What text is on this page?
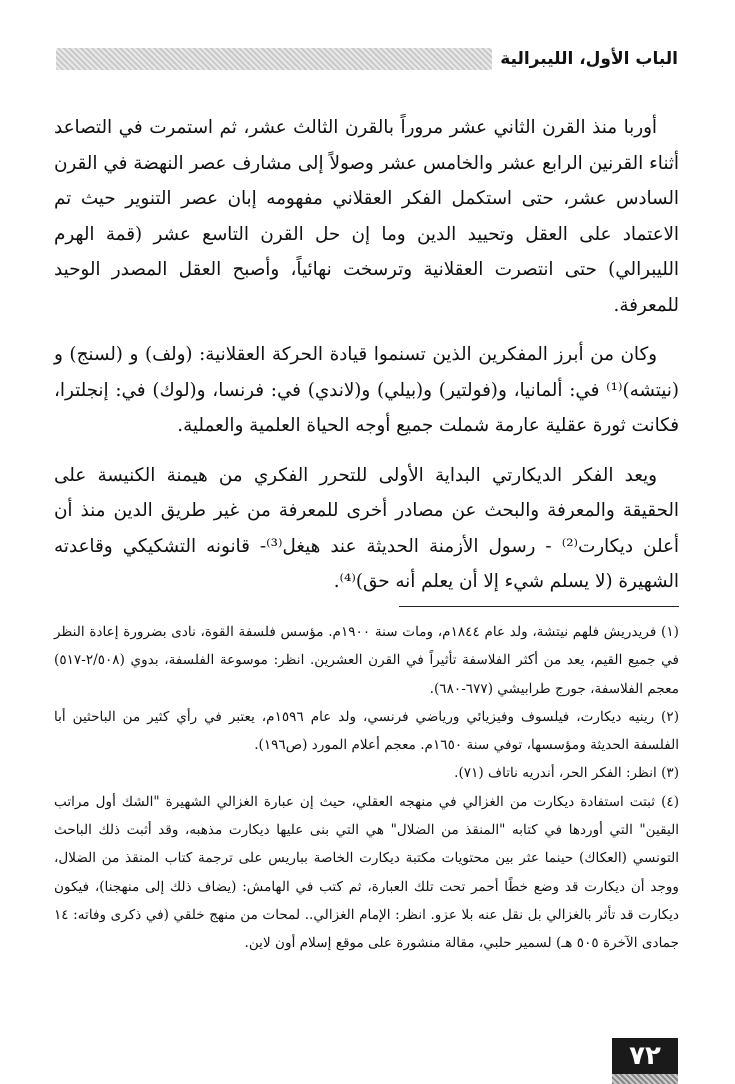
الباب الأول، الليبرالية

أوربا منذ القرن الثاني عشر مروراً بالقرن الثالث عشر، ثم استمرت في التصاعد أثناء القرنين الرابع عشر والخامس عشر وصولاً إلى مشارف عصر النهضة في القرن السادس عشر، حتى استكمل الفكر العقلاني مفهومه إبان عصر التنوير حيث تم الاعتماد على العقل وتحييد الدين وما إن حل القرن التاسع عشر (قمة الهرم الليبرالي) حتى انتصرت العقلانية وترسخت نهائياً، وأصبح العقل المصدر الوحيد للمعرفة.

وكان من أبرز المفكرين الذين تسنموا قيادة الحركة العقلانية: (ولف) و (لسنج) و (نيتشه)⁽¹⁾ في: ألمانيا، و(فولتير) و(بيلي) و(لاندي) في: فرنسا، و(لوك) في: إنجلترا، فكانت ثورة عقلية عارمة شملت جميع أوجه الحياة العلمية والعملية.

ويعد الفكر الديكارتي البداية الأولى للتحرر الفكري من هيمنة الكنيسة على الحقيقة والمعرفة والبحث عن مصادر أخرى للمعرفة من غير طريق الدين منذ أن أعلن ديكارت⁽²⁾ - رسول الأزمنة الحديثة عند هيغل⁽³⁾- قانونه التشكيكي وقاعدته الشهيرة (لا يسلم شيء إلا أن يعلم أنه حق)⁽⁴⁾.

(١) فريدريش فلهم نيتشة، ولد عام ١٨٤٤م، ومات سنة ١٩٠٠م. مؤسس فلسفة القوة، نادى بضرورة إعادة النظر في جميع القيم، يعد من أكثر الفلاسفة تأثيراً في القرن العشرين. انظر: موسوعة الفلسفة، بدوي (٢/٥٠٨-٥١٧) معجم الفلاسفة، جورج طرابيشي (٦٧٧-٦٨٠).

(٢) رينيه ديكارت، فيلسوف وفيزيائي ورياضي فرنسي، ولد عام ١٥٩٦م، يعتبر في رأي كثير من الباحثين أبا الفلسفة الحديثة ومؤسسها، توفي سنة ١٦٥٠م. معجم أعلام المورد (ص١٩٦).

(٣) انظر: الفكر الحر، أندريه ناتاف (٧١).

(٤) ثبتت استفادة ديكارت من الغزالي في منهجه العقلي، حيث إن عبارة الغزالي الشهيرة "الشك أول مراتب اليقين" التي أوردها في كتابه "المنقذ من الضلال" هي التي بنى عليها ديكارت مذهبه، وقد أثبت ذلك الباحث التونسي (العكاك) حينما عثر بين محتويات مكتبة ديكارت الخاصة بباريس على ترجمة كتاب المنقذ من الضلال، ووجد أن ديكارت قد وضع خطًا أحمر تحت تلك العبارة، ثم كتب في الهامش: (يضاف ذلك إلى منهجنا)، فيكون ديكارت قد تأثر بالغزالي بل نقل عنه بلا عزو. انظر: الإمام الغزالي.. لمحات من منهج خلقي (في ذكرى وفاته: ١٤ جمادى الآخرة ٥٠٥ هـ) لسمير حلبي، مقالة منشورة على موقع إسلام أون لاين.

٧٢
